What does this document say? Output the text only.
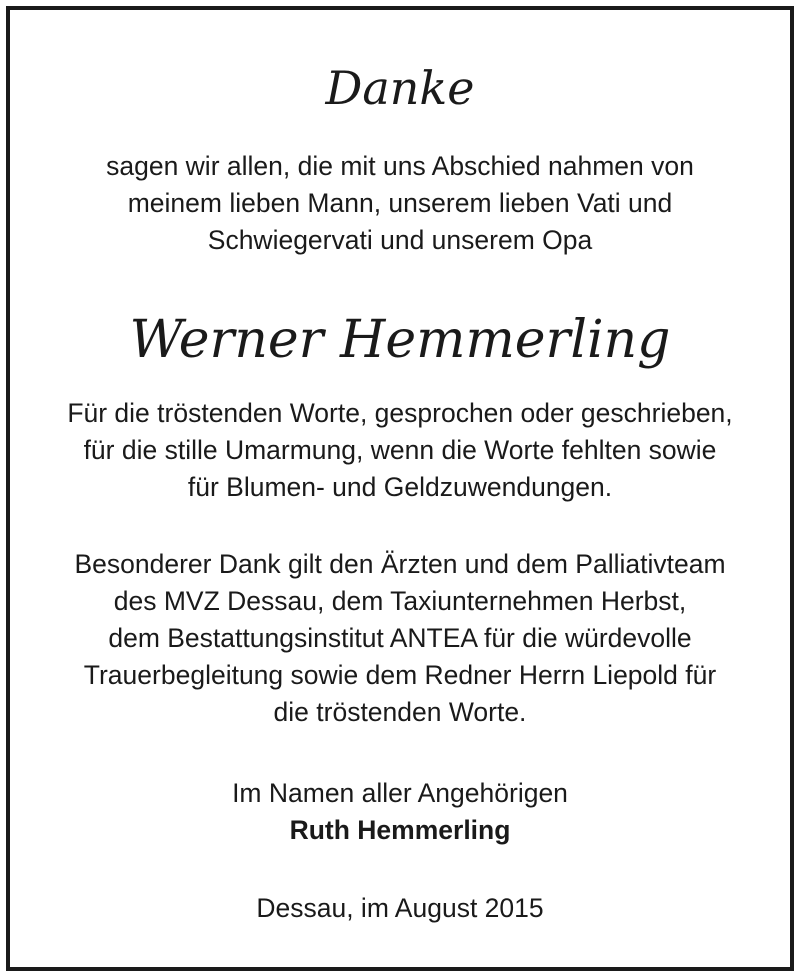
Danke
sagen wir allen, die mit uns Abschied nahmen von
meinem lieben Mann, unserem lieben Vati und
Schwiegervati und unserem Opa
Werner Hemmerling
Für die tröstenden Worte, gesprochen oder geschrieben,
für die stille Umarmung, wenn die Worte fehlten sowie
für Blumen- und Geldzuwendungen.
Besonderer Dank gilt den Ärzten und dem Palliativteam
des MVZ Dessau, dem Taxiunternehmen Herbst,
dem Bestattungsinstitut ANTEA für die würdevolle
Trauerbegleitung sowie dem Redner Herrn Liepold für
die tröstenden Worte.
Im Namen aller Angehörigen
Ruth Hemmerling
Dessau, im August 2015
